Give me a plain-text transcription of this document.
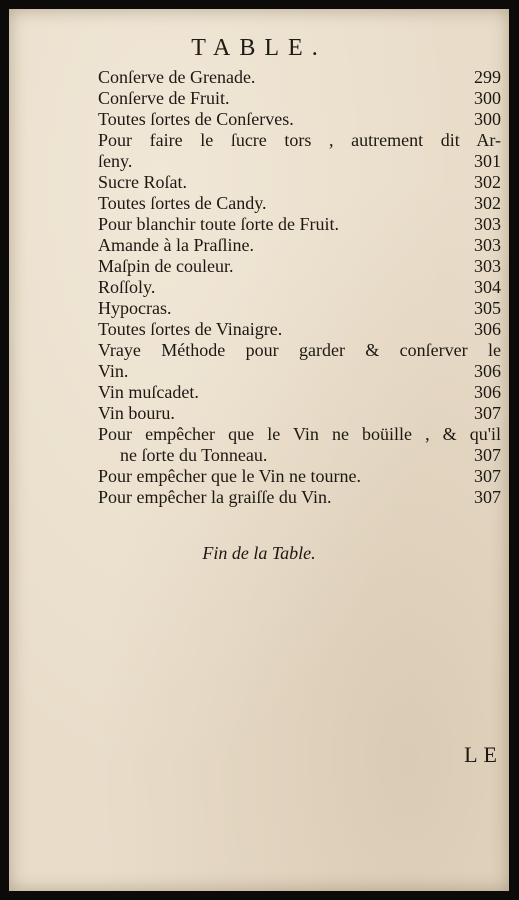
TABLE.
Conſerve de Grenade.	299
Conſerve de Fruit.	300
Toutes ſortes de Conſerves.	300
Pour faire le ſucre tors , autrement dit Ar-
ſeny.	301
Sucre Roſat.	302
Toutes ſortes de Candy.	302
Pour blanchir toute ſorte de Fruit.	303
Amande à la Praſline.	303
Maſpin de couleur.	303
Roſſoly.	304
Hypocras.	305
Toutes ſortes de Vinaigre.	306
Vraye Méthode pour garder & conſerver le
Vin.	306
Vin muſcadet.	306
Vin bouru.	307
Pour empêcher que le Vin ne boüille , & qu'il
ne ſorte du Tonneau.	307
Pour empêcher que le Vin ne tourne.	307
Pour empêcher la graiſſe du Vin.	307
Fin de la Table.
LE
